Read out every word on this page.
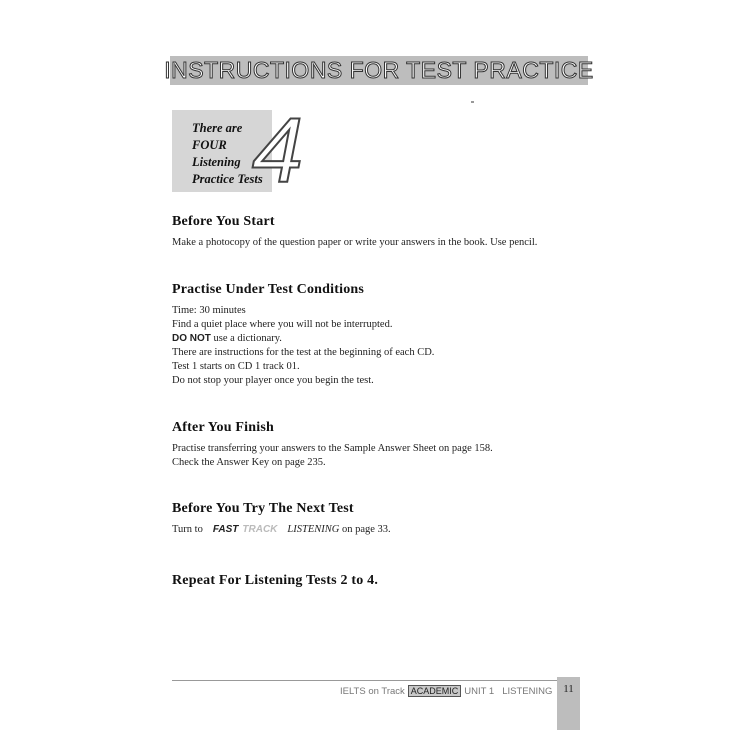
INSTRUCTIONS FOR TEST PRACTICE
4
There are
FOUR
Listening
Practice Tests
Before You Start
Make a photocopy of the question paper or write your answers in the book. Use pencil.
Practise Under Test Conditions
Time: 30 minutes
Find a quiet place where you will not be interrupted.
DO NOT use a dictionary.
There are instructions for the test at the beginning of each CD.
Test 1 starts on CD 1 track 01.
Do not stop your player once you begin the test.
After You Finish
Practise transferring your answers to the Sample Answer Sheet on page 158.
Check the Answer Key on page 235.
Before You Try The Next Test
Turn to FAST TRACK LISTENING on page 33.
Repeat For Listening Tests 2 to 4.
IELTS on Track ACADEMIC UNIT 1 LISTENING 11
